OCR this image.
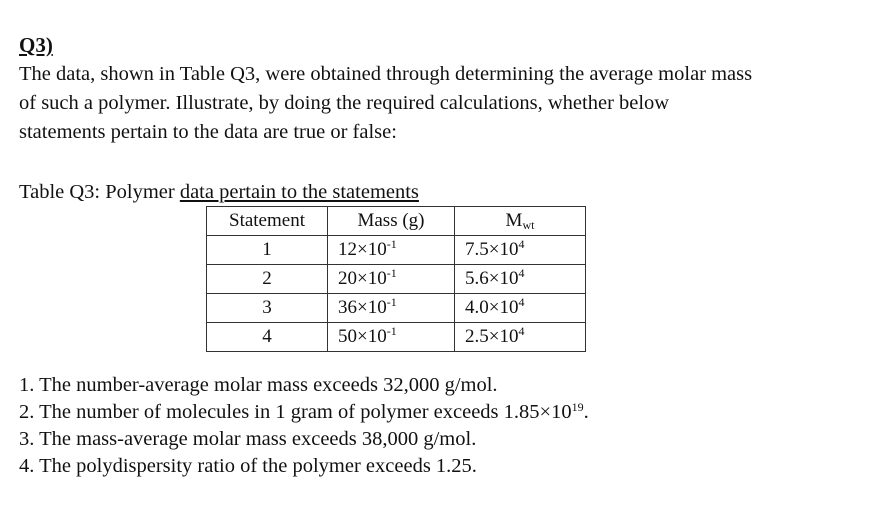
Q3)
The data, shown in Table Q3, were obtained through determining the average molar mass
of such a polymer. Illustrate, by doing the required calculations, whether below
statements pertain to the data are true or false:
Table Q3: Polymer data pertain to the statements
Statement	Mass (g)	$M_{wt}$
1	$12\times 10^{-1}$	$7.5\times 10^4$
2	$20\times 10^{-1}$	$5.6\times 10^4$
3	$36\times 10^{-1}$	$4.0\times 10^4$
4	$50\times 10^{-1}$	$2.5\times 10^4$
1. The number-average molar mass exceeds 32,000 g/mol.
2. The number of molecules in 1 gram of polymer exceeds $1.85\times 10^{19}$.
3. The mass-average molar mass exceeds 38,000 g/mol.
4. The polydispersity ratio of the polymer exceeds 1.25.
